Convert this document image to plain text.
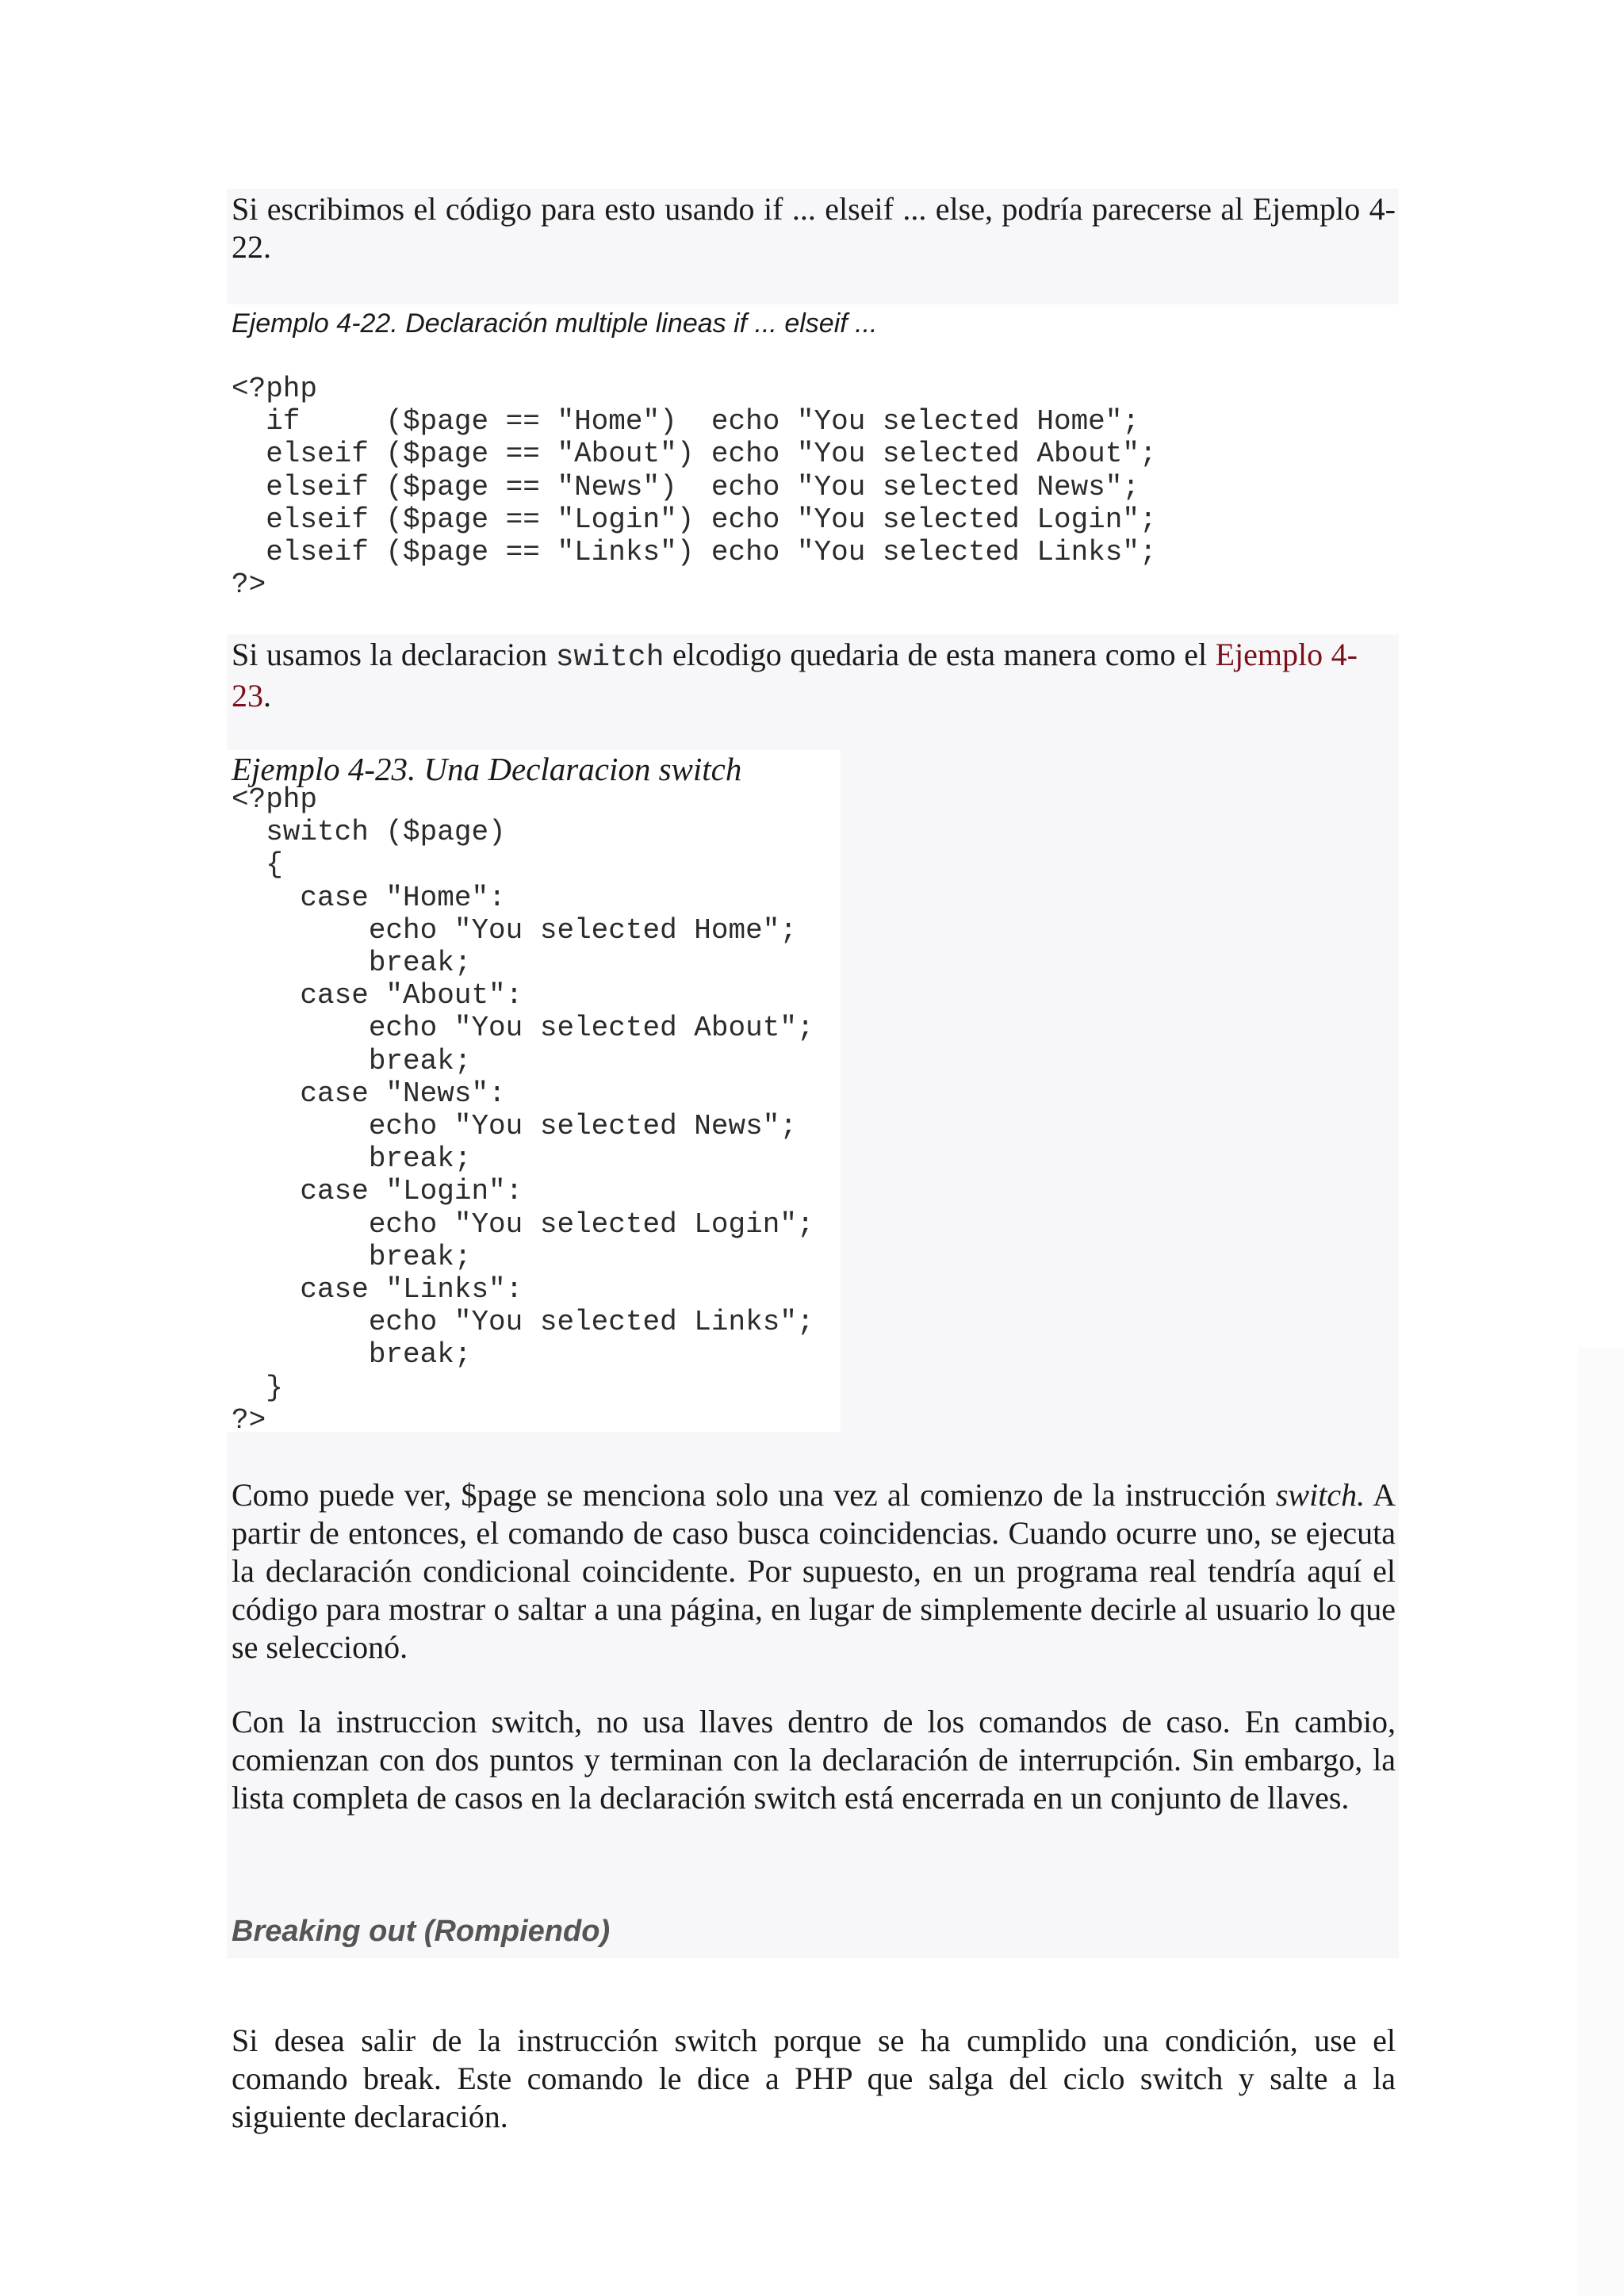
Si escribimos el código para esto usando if ... elseif ... else, podría parecerse al Ejemplo 4-22.

Ejemplo 4-22. Declaración multiple lineas if ... elseif ...

<?php
if     ($page == "Home")  echo "You selected Home";
elseif ($page == "About") echo "You selected About";
elseif ($page == "News")  echo "You selected News";
elseif ($page == "Login") echo "You selected Login";
elseif ($page == "Links") echo "You selected Links";
?>

Si usamos la declaracion switch elcodigo quedaria de esta manera como el Ejemplo 4-23.

Ejemplo 4-23. Una Declaracion switch

<?php
switch ($page)
{
case "Home":
echo "You selected Home";
break;
case "About":
echo "You selected About";
break;
case "News":
echo "You selected News";
break;
case "Login":
echo "You selected Login";
break;
case "Links":
echo "You selected Links";
break;
}
?>

Como puede ver, $page se menciona solo una vez al comienzo de la instrucción switch. A partir de entonces, el comando de caso busca coincidencias. Cuando ocurre uno, se ejecuta la declaración condicional coincidente. Por supuesto, en un programa real tendría aquí el código para mostrar o saltar a una página, en lugar de simplemente decirle al usuario lo que se seleccionó.

Con la instruccion switch, no usa llaves dentro de los comandos de caso. En cambio, comienzan con dos puntos y terminan con la declaración de interrupción. Sin embargo, la lista completa de casos en la declaración switch está encerrada en un conjunto de llaves.

Breaking out (Rompiendo)

Si desea salir de la instrucción switch porque se ha cumplido una condición, use el comando break. Este comando le dice a PHP que salga del ciclo switch y salte a la siguiente declaración.
